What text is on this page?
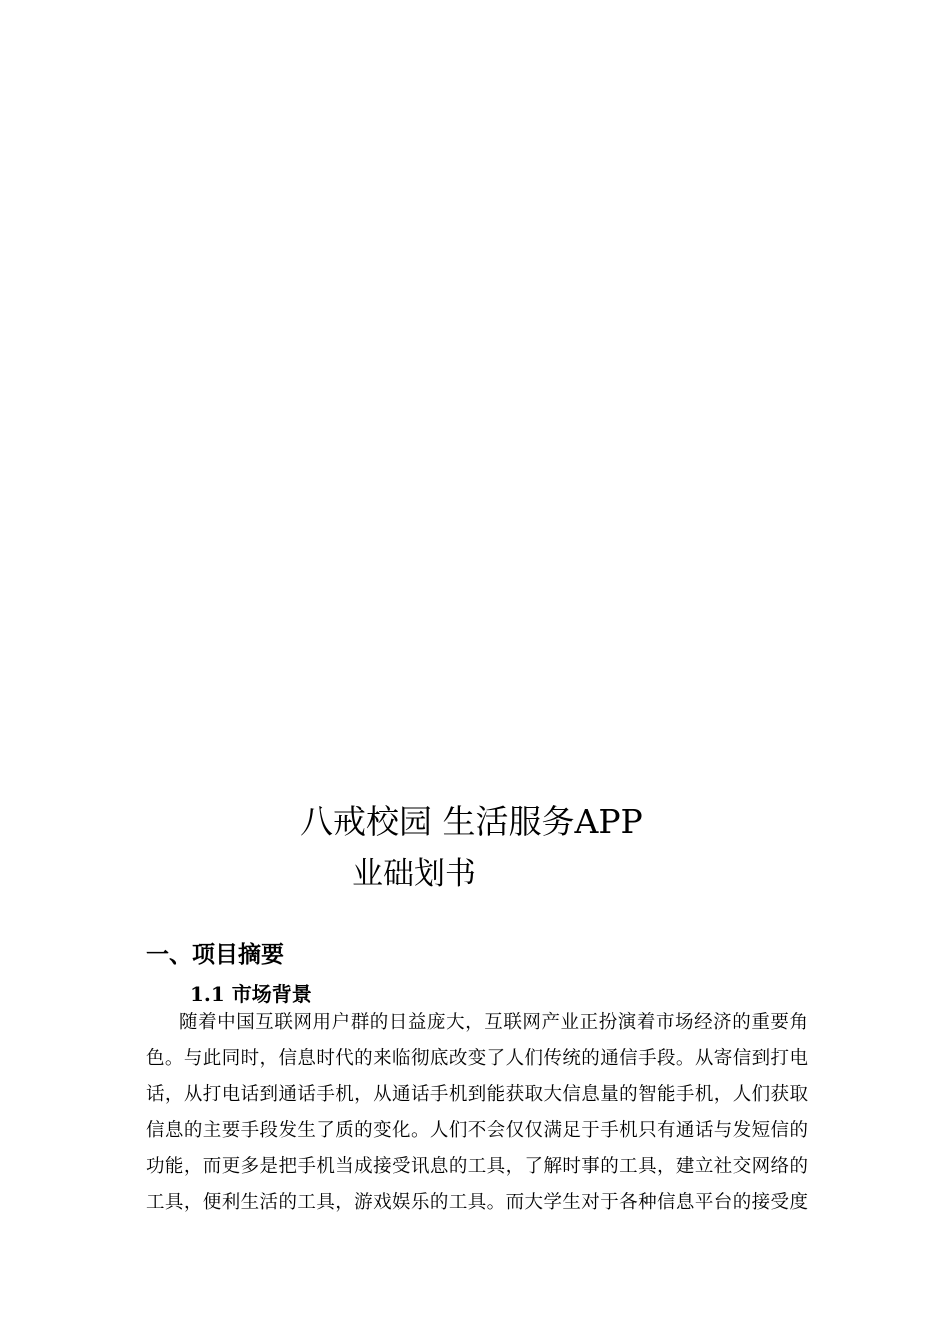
八戒校园 生活服务APP
业础划书
一、项目摘要
1.1 市场背景
随着中国互联网用户群的日益庞大，互联网产业正扮演着市场经济的重要角
色。与此同时，信息时代的来临彻底改变了人们传统的通信手段。从寄信到打电
话，从打电话到通话手机，从通话手机到能获取大信息量的智能手机，人们获取
信息的主要手段发生了质的变化。人们不会仅仅满足于手机只有通话与发短信的
功能，而更多是把手机当成接受讯息的工具，了解时事的工具，建立社交网络的
工具，便利生活的工具，游戏娱乐的工具。而大学生对于各种信息平台的接受度
